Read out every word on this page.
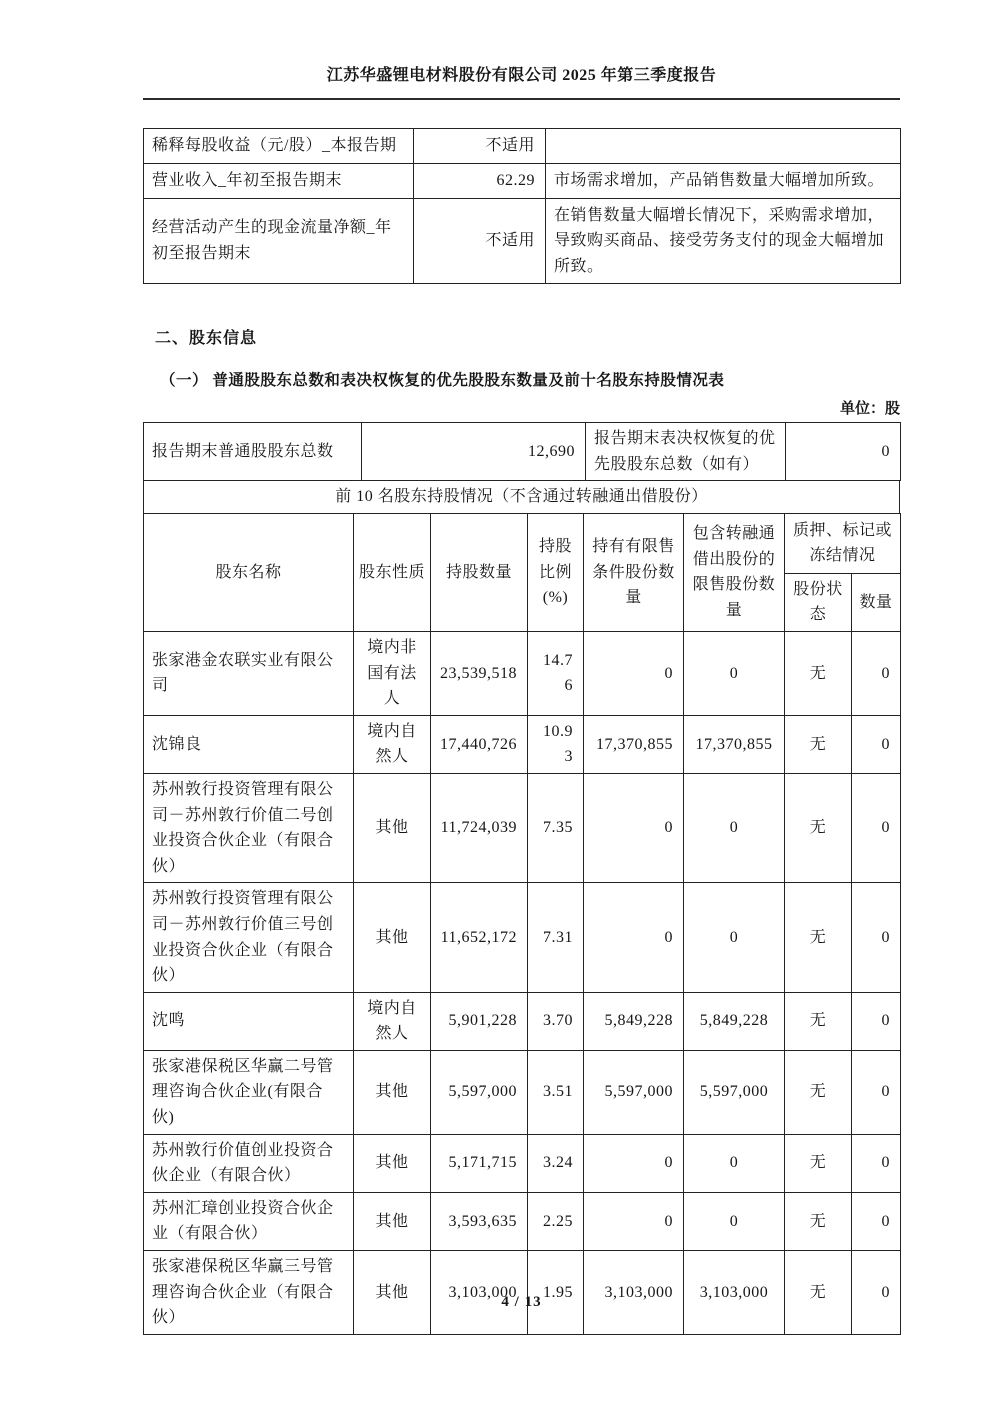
江苏华盛锂电材料股份有限公司 2025 年第三季度报告
稀释每股收益（元/股）_本报告期	不适用	
营业收入_年初至报告期末	62.29	市场需求增加，产品销售数量大幅增加所致。
经营活动产生的现金流量净额_年初至报告期末	不适用	在销售数量大幅增长情况下，采购需求增加，导致购买商品、接受劳务支付的现金大幅增加所致。
二、股东信息
（一） 普通股股东总数和表决权恢复的优先股股东数量及前十名股东持股情况表
单位：股
报告期末普通股股东总数	12,690	报告期末表决权恢复的优先股股东总数（如有）	0
前 10 名股东持股情况（不含通过转融通出借股份）
股东名称	股东性质	持股数量	持股比例(%)	持有有限售条件股份数量	包含转融通借出股份的限售股份数量	质押、标记或冻结情况	
						股份状态	数量
张家港金农联实业有限公司	境内非国有法人	23,539,518	14.76	0	0	无	0
沈锦良	境内自然人	17,440,726	10.93	17,370,855	17,370,855	无	0
苏州敦行投资管理有限公司－苏州敦行价值二号创业投资合伙企业（有限合伙）	其他	11,724,039	7.35	0	0	无	0
苏州敦行投资管理有限公司－苏州敦行价值三号创业投资合伙企业（有限合伙）	其他	11,652,172	7.31	0	0	无	0
沈鸣	境内自然人	5,901,228	3.70	5,849,228	5,849,228	无	0
张家港保税区华赢二号管理咨询合伙企业(有限合伙)	其他	5,597,000	3.51	5,597,000	5,597,000	无	0
苏州敦行价值创业投资合伙企业（有限合伙）	其他	5,171,715	3.24	0	0	无	0
苏州汇璋创业投资合伙企业（有限合伙）	其他	3,593,635	2.25	0	0	无	0
张家港保税区华赢三号管理咨询合伙企业（有限合伙）	其他	3,103,000	1.95	3,103,000	3,103,000	无	0
4 / 13
